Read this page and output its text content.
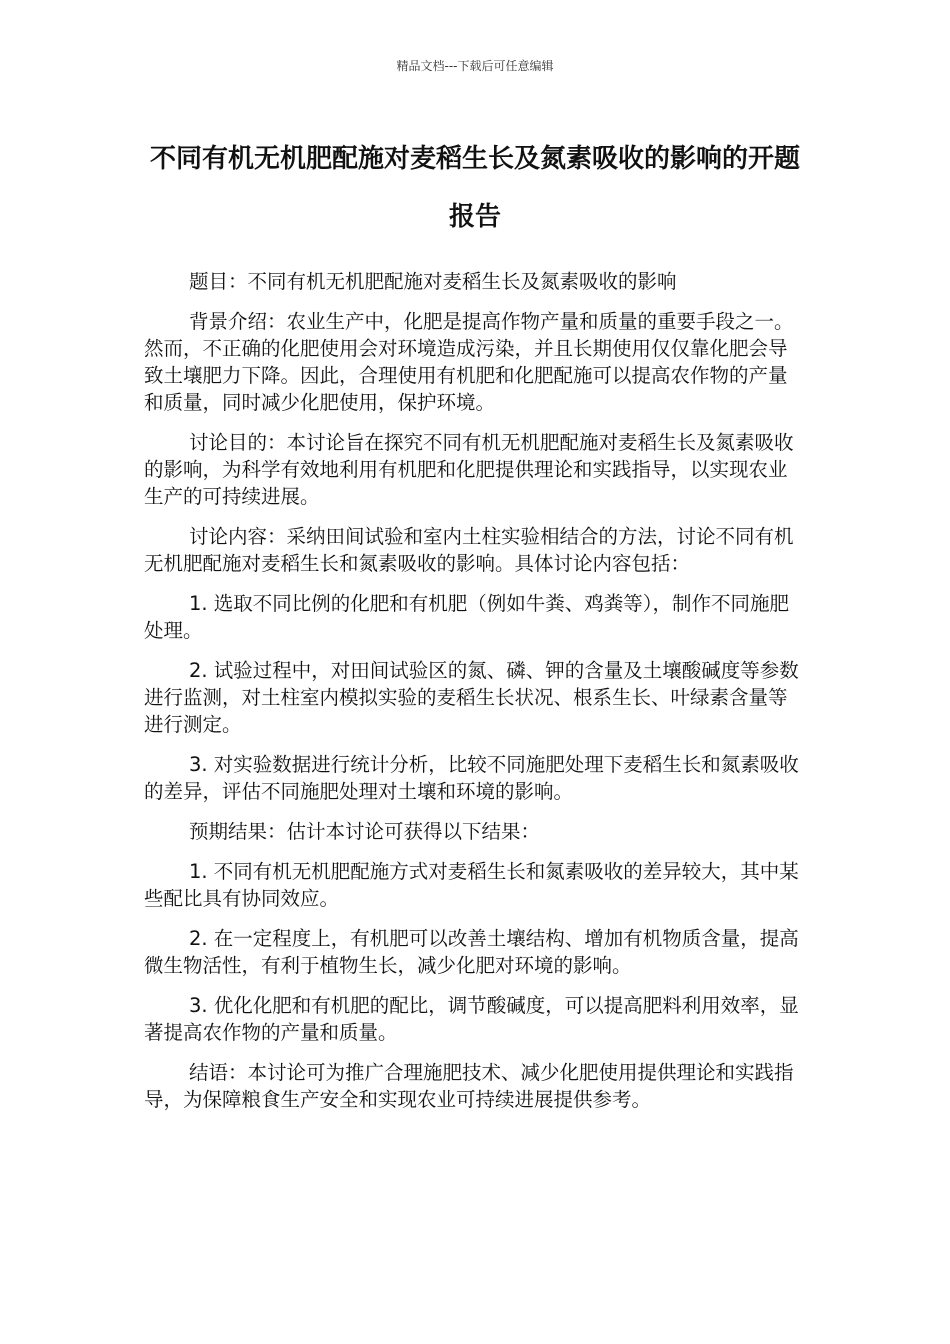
精品文档---下载后可任意编辑
不同有机无机肥配施对麦稻生长及氮素吸收的影响的开题报告

题目：不同有机无机肥配施对麦稻生长及氮素吸收的影响

背景介绍：农业生产中，化肥是提高作物产量和质量的重要手段之一。然而，不正确的化肥使用会对环境造成污染，并且长期使用仅仅靠化肥会导致土壤肥力下降。因此，合理使用有机肥和化肥配施可以提高农作物的产量和质量，同时减少化肥使用，保护环境。

讨论目的：本讨论旨在探究不同有机无机肥配施对麦稻生长及氮素吸收的影响，为科学有效地利用有机肥和化肥提供理论和实践指导，以实现农业生产的可持续进展。

讨论内容：采纳田间试验和室内土柱实验相结合的方法，讨论不同有机无机肥配施对麦稻生长和氮素吸收的影响。具体讨论内容包括：

1. 选取不同比例的化肥和有机肥（例如牛粪、鸡粪等），制作不同施肥处理。

2. 试验过程中，对田间试验区的氮、磷、钾的含量及土壤酸碱度等参数进行监测，对土柱室内模拟实验的麦稻生长状况、根系生长、叶绿素含量等进行测定。

3. 对实验数据进行统计分析，比较不同施肥处理下麦稻生长和氮素吸收的差异，评估不同施肥处理对土壤和环境的影响。

预期结果：估计本讨论可获得以下结果：

1. 不同有机无机肥配施方式对麦稻生长和氮素吸收的差异较大，其中某些配比具有协同效应。

2. 在一定程度上，有机肥可以改善土壤结构、增加有机物质含量，提高微生物活性，有利于植物生长，减少化肥对环境的影响。

3. 优化化肥和有机肥的配比，调节酸碱度，可以提高肥料利用效率，显著提高农作物的产量和质量。

结语：本讨论可为推广合理施肥技术、减少化肥使用提供理论和实践指导，为保障粮食生产安全和实现农业可持续进展提供参考。
